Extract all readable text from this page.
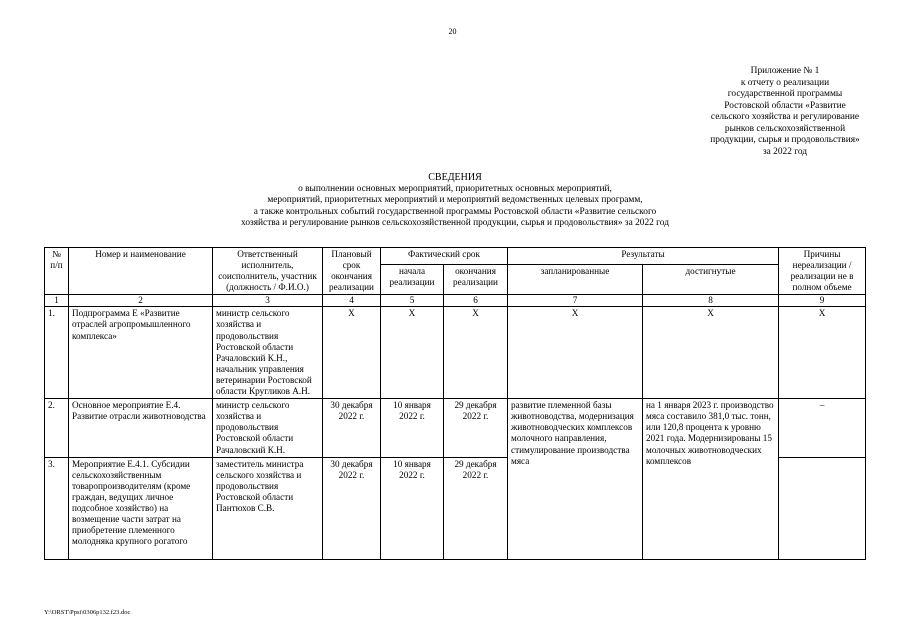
20
Приложение № 1
к отчету о реализации
государственной программы
Ростовской области «Развитие
сельского хозяйства и регулирование
рынков сельскохозяйственной
продукции, сырья и продовольствия»
за 2022 год
СВЕДЕНИЯ
о выполнении основных мероприятий, приоритетных основных мероприятий,
мероприятий, приоритетных мероприятий и мероприятий ведомственных целевых программ,
а также контрольных событий государственной программы Ростовской области «Развитие сельского
хозяйства и регулирование рынков сельскохозяйственной продукции, сырья и продовольствия» за 2022 год
№ п/п	Номер и наименование	Ответственный исполнитель, соисполнитель, участник (должность / Ф.И.О.)	Плановый срок окончания реализации	Фактический срок		Результаты		Причины нереализации / реализации не в полном объеме
				начала реализации	окончания реализации	запланированные	достигнутые	
1	2	3	4	5	6	7	8	9
1.	Подпрограмма Е «Развитие отраслей агропромышленного комплекса»	министр сельского хозяйства и продовольствия Ростовской области Рачаловский К.Н., начальник управления ветеринарии Ростовской области Кругликов А.Н.	X	X	X	X	X	X
2.	Основное мероприятие Е.4. Развитие отрасли животноводства	министр сельского хозяйства и продовольствия Ростовской области Рачаловский К.Н.	30 декабря 2022 г.	10 января 2022 г.	29 декабря 2022 г.	развитие племенной базы животноводства, модернизация животноводческих комплексов молочного направления, стимулирование производства мяса	на 1 января 2023 г. производство мяса составило 381,0 тыс. тонн, или 120,8 процента к уровню 2021 года. Модернизированы 15 молочных животноводческих комплексов	–
3.	Мероприятие Е.4.1. Субсидии сельскохозяйственным товаропроизводителям (кроме граждан, ведущих личное подсобное хозяйство) на возмещение части затрат на приобретение племенного молодняка крупного рогатого	заместитель министра сельского хозяйства и продовольствия Ростовской области Пантюхов С.В.	30 декабря 2022 г.	10 января 2022 г.	29 декабря 2022 г.			
Y:\ORST\Ppsi\0306p132.f23.doc
